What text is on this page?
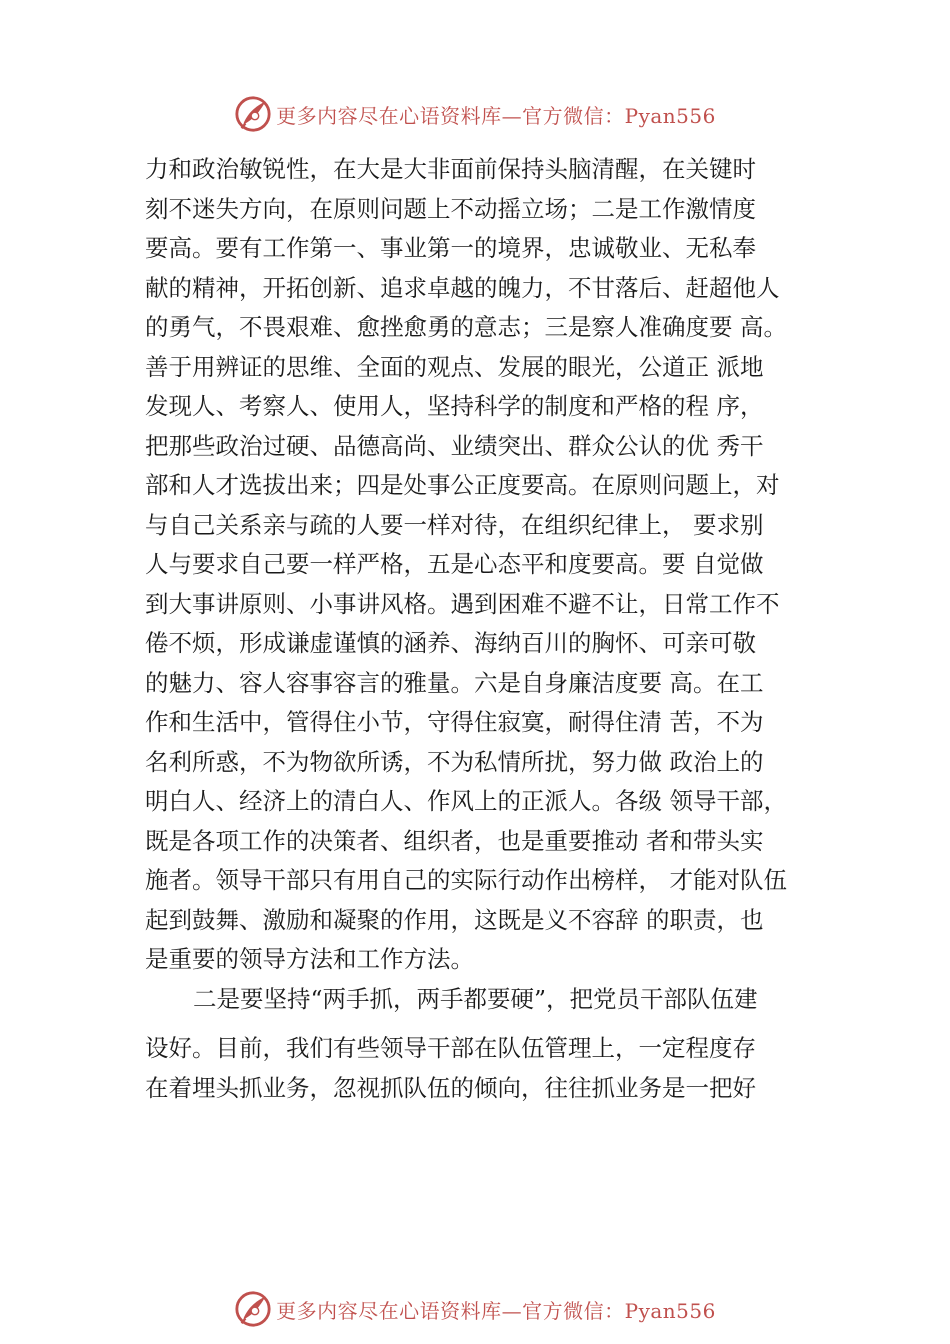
更多内容尽在心语资料库—官方微信：Pyan556
力和政治敏锐性，在大是大非面前保持头脑清醒，在关键时
刻不迷失方向，在原则问题上不动摇立场；二是工作激情度
要高。要有工作第一、事业第一的境界，忠诚敬业、无私奉
献的精神，开拓创新、追求卓越的魄力，不甘落后、赶超他人
的勇气，不畏艰难、愈挫愈勇的意志；三是察人准确度要 高。
善于用辨证的思维、全面的观点、发展的眼光，公道正 派地
发现人、考察人、使用人，坚持科学的制度和严格的程 序，
把那些政治过硬、品德高尚、业绩突出、群众公认的优 秀干
部和人才选拔出来；四是处事公正度要高。在原则问题上，对
与自己关系亲与疏的人要一样对待，在组织纪律上， 要求别
人与要求自己要一样严格，五是心态平和度要高。要 自觉做
到大事讲原则、小事讲风格。遇到困难不避不让，日常工作不
倦不烦，形成谦虚谨慎的涵养、海纳百川的胸怀、可亲可敬
的魅力、容人容事容言的雅量。六是自身廉洁度要 高。在工
作和生活中，管得住小节，守得住寂寞，耐得住清 苦，不为
名利所惑，不为物欲所诱，不为私情所扰，努力做 政治上的
明白人、经济上的清白人、作风上的正派人。各级 领导干部，
既是各项工作的决策者、组织者，也是重要推动 者和带头实
施者。领导干部只有用自己的实际行动作出榜样， 才能对队伍
起到鼓舞、激励和凝聚的作用，这既是义不容辞 的职责，也
是重要的领导方法和工作方法。
二是要坚持“两手抓，两手都要硬”，把党员干部队伍建
设好。目前，我们有些领导干部在队伍管理上，一定程度存
在着埋头抓业务，忽视抓队伍的倾向，往往抓业务是一把好
更多内容尽在心语资料库—官方微信：Pyan556
